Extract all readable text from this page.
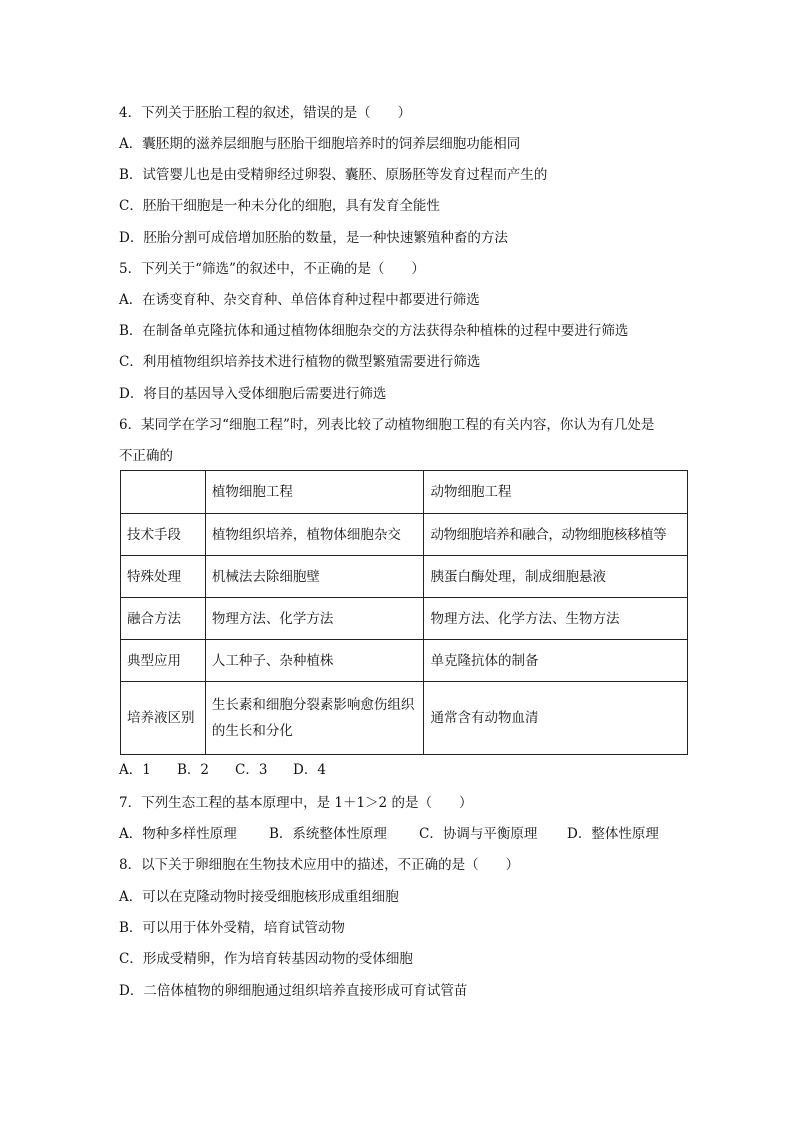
4．下列关于胚胎工程的叙述，错误的是（　　）
A．囊胚期的滋养层细胞与胚胎干细胞培养时的饲养层细胞功能相同
B．试管婴儿也是由受精卵经过卵裂、囊胚、原肠胚等发育过程而产生的
C．胚胎干细胞是一种未分化的细胞，具有发育全能性
D．胚胎分割可成倍增加胚胎的数量，是一种快速繁殖种畜的方法
5．下列关于“筛选”的叙述中，不正确的是（　　）
A．在诱变育种、杂交育种、单倍体育种过程中都要进行筛选
B．在制备单克隆抗体和通过植物体细胞杂交的方法获得杂种植株的过程中要进行筛选
C．利用植物组织培养技术进行植物的微型繁殖需要进行筛选
D．将目的基因导入受体细胞后需要进行筛选
6．某同学在学习“细胞工程”时，列表比较了动植物细胞工程的有关内容，你认为有几处是
不正确的
	植物细胞工程	动物细胞工程
技术手段	植物组织培养，植物体细胞杂交	动物细胞培养和融合，动物细胞核移植等
特殊处理	机械法去除细胞壁	胰蛋白酶处理，制成细胞悬液
融合方法	物理方法、化学方法	物理方法、化学方法、生物方法
典型应用	人工种子、杂种植株	单克隆抗体的制备
培养液区别	生长素和细胞分裂素影响愈伤组织的生长和分化	通常含有动物血清
A．1 B．2 C．3 D．4
7．下列生态工程的基本原理中，是 1＋1＞2 的是（　　）
A．物种多样性原理 B．系统整体性原理 C．协调与平衡原理 D．整体性原理
8．以下关于卵细胞在生物技术应用中的描述，不正确的是（　　）
A．可以在克隆动物时接受细胞核形成重组细胞
B．可以用于体外受精，培育试管动物
C．形成受精卵，作为培育转基因动物的受体细胞
D．二倍体植物的卵细胞通过组织培养直接形成可育试管苗
